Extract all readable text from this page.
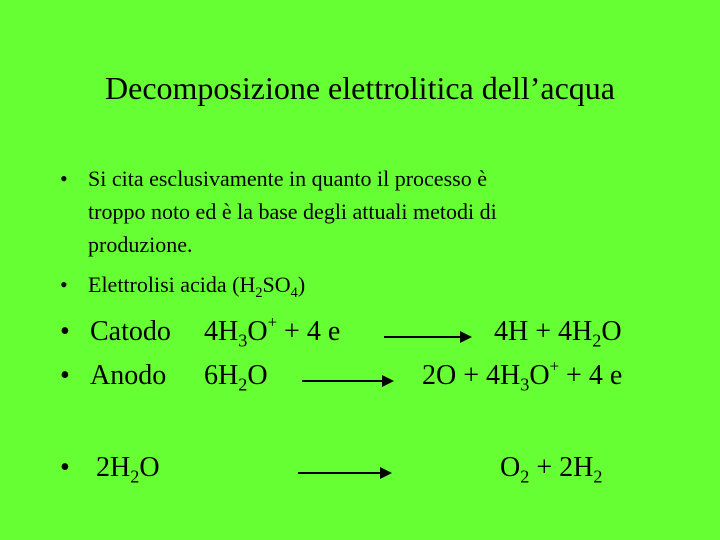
Decomposizione elettrolitica dell’acqua
• Si cita esclusivamente in quanto il processo è
troppo noto ed è la base degli attuali metodi di
produzione.
• Elettrolisi acida $(H_2SO_4)$
• Catodo $4H_3O^+ + 4$ $e \to 4H + 4H_2O$
• Anodo $6H_2O \to 2O + 4H_3O^+ + 4$ e
• $2H_2O$	$O_2 + 2H_2$
